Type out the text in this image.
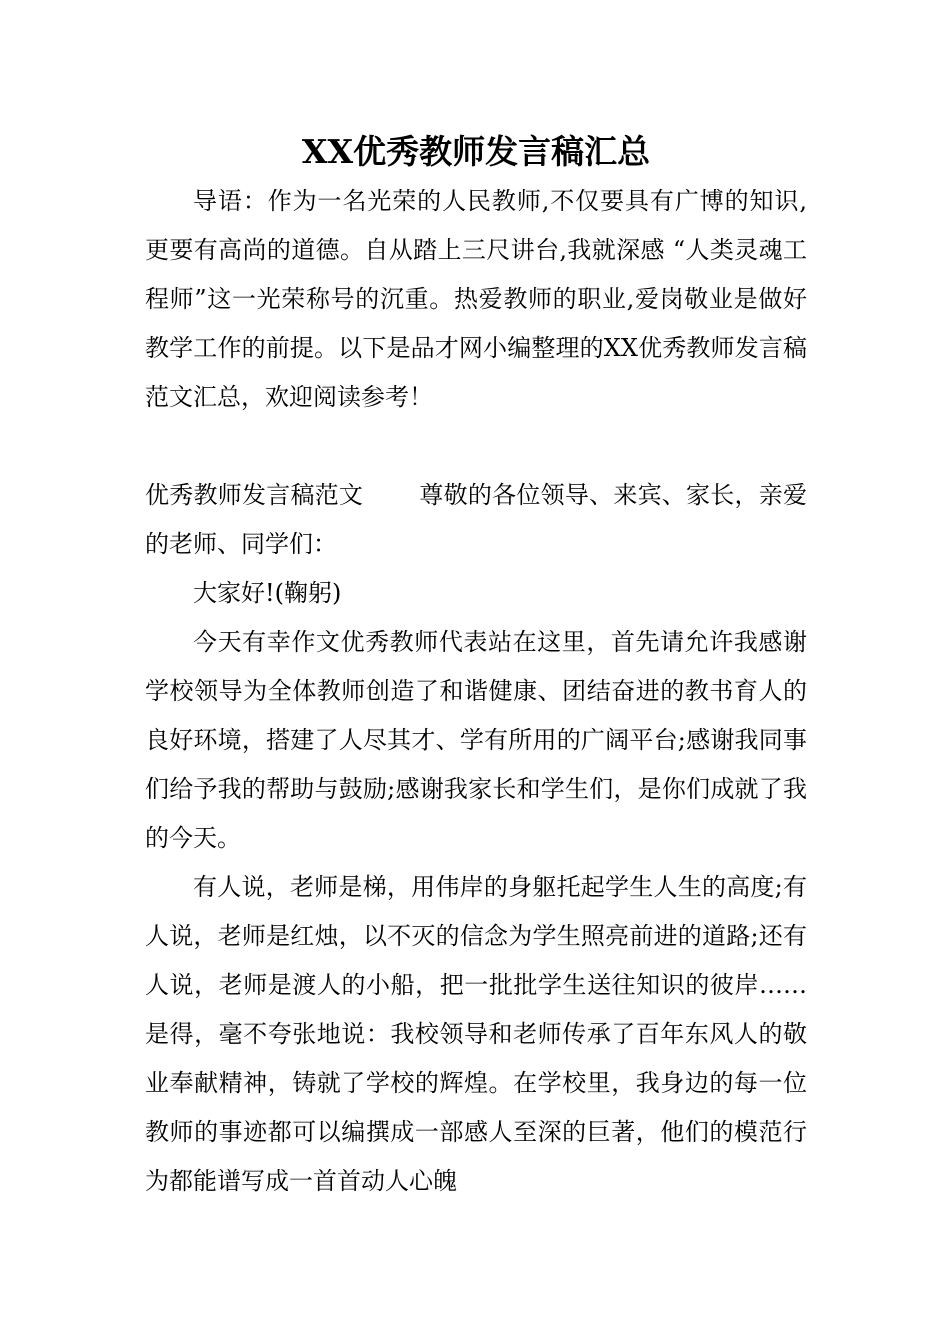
XX优秀教师发言稿汇总

导语：作为一名光荣的人民教师,不仅要具有广博的知识,更要有高尚的道德。自从踏上三尺讲台,我就深感 “人类灵魂工程师”这一光荣称号的沉重。热爱教师的职业,爱岗敬业是做好教学工作的前提。以下是品才网小编整理的XX优秀教师发言稿范文汇总，欢迎阅读参考！

优秀教师发言稿范文 尊敬的各位领导、来宾、家长，亲爱的老师、同学们：

大家好!(鞠躬)

今天有幸作文优秀教师代表站在这里，首先请允许我感谢学校领导为全体教师创造了和谐健康、团结奋进的教书育人的良好环境，搭建了人尽其才、学有所用的广阔平台;感谢我同事们给予我的帮助与鼓励;感谢我家长和学生们，是你们成就了我的今天。

有人说，老师是梯，用伟岸的身躯托起学生人生的高度;有人说，老师是红烛，以不灭的信念为学生照亮前进的道路;还有人说，老师是渡人的小船，把一批批学生送往知识的彼岸……是得，毫不夸张地说：我校领导和老师传承了百年东风人的敬业奉献精神，铸就了学校的辉煌。在学校里，我身边的每一位教师的事迹都可以编撰成一部感人至深的巨著，他们的模范行为都能谱写成一首首动人心魄
